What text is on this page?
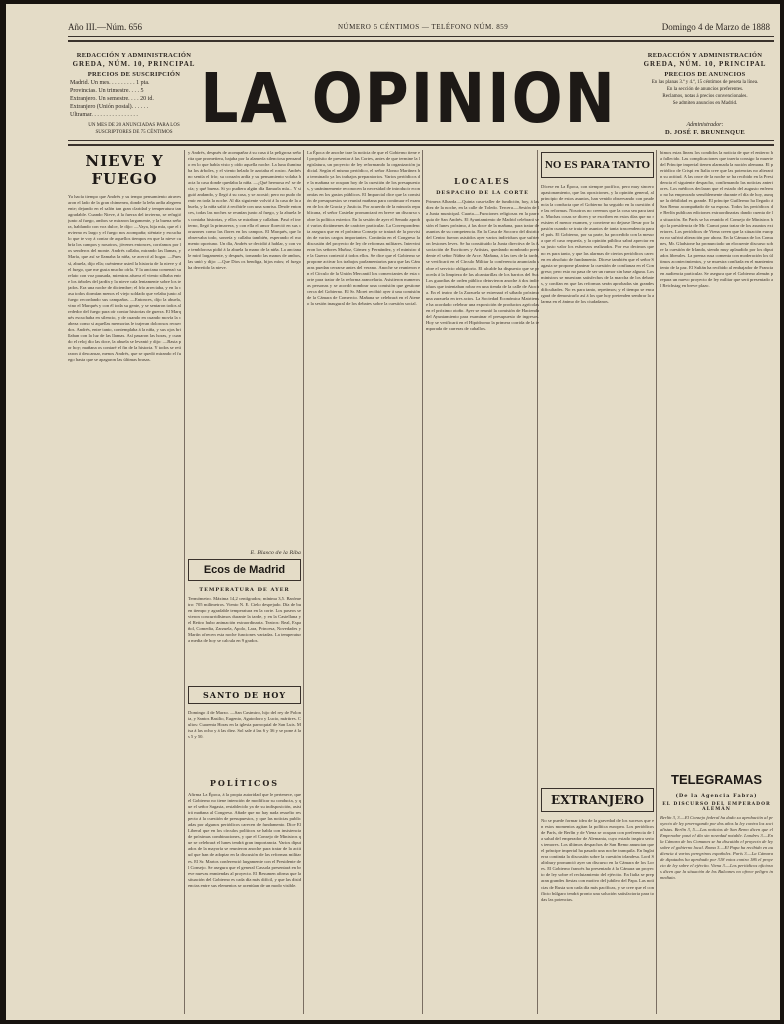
Año III.—Núm. 656	NÚMERO 5 CÉNTIMOS — TELÉFONO NÚM. 859	Domingo 4 de Marzo de 1888
REDACCIÓN Y ADMINISTRACIÓN
GREDA, NÚM. 10, PRINCIPAL
PRECIOS DE SUSCRIPCIÓN
Madrid. Un mes. . . . . . . . . 1 pta.
Provincias. Un trimestre. . . . 5
Extranjero. Un semestre. . . . 20 id.
Extranjero (Unión postal). . . . . .
Ultramar. . . . . . . . . . . . . . . .
UN MES DE 20 ANUNCIADAS PARA LOS SUSCRIPTORES DE 75 CÉNTIMOS LA OPINION
REDACCIÓN Y ADMINISTRACIÓN
GREDA, NÚM. 10, PRINCIPAL
PRECIOS DE ANUNCIOS
En las planas 3.ª y 4.ª, 15 céntimos de peseta la línea.
En la sección de anuncios preferentes.
Reclamos, notas á precios convencionales.
Se admiten anuncios en Madrid.
Administrador:
D. JOSÉ F. BRUNENQUE
NIEVE Y FUEGO
Ya hacía tiempo que Andrés y su tempo pensamiento atravesaron el lado de la gran chimenea, donde la leña ardía alegremente; dejando en el salón tan gran claridad y temperatura tan agradable. Cuando Nieve, á la fuerza del invierno, se refugió junto al fuego, ambos se miraron largamente, y la buena señora, hablando con voz dulce, le dijo: —Vaya, hija mía, que el invierno es largo y el fuego nos acompaña; siéntate y escucha lo que te voy á contar de aquellos tiempos en que la nieve cubría los campos y nosotros, jóvenes entonces, corríamos por los senderos del monte. Andrés callaba, mirando las llamas, y María, que así se llamaba la niña, se acercó al hogar. —Pues sí, abuela, dijo ella; cuénteme usted la historia de la nieve y del fuego, que me gusta mucho oírla. Y la anciana comenzó su relato con voz pausada, mientras afuera el viento silbaba entre los árboles del jardín y la nieve caía lentamente sobre los tejados. Era una noche de diciembre; el frío arreciaba, y en la casa todos dormían menos el viejo soldado que velaba junto al fuego recordando sus campañas. —Entonces, dijo la abuela, vino el Marqués y con él toda su gente, y se sentaron todos alrededor del fuego para oír contar historias de guerra. El Marqués escuchaba en silencio, y de cuando en cuando movía la cabeza como si aquellas memorias le trajeran dolorosos recuerdos. Andrés, entre tanto, contemplaba á la niña, y sus ojos brillaban con la luz de las llamas. Así pasaron las horas, y cuando el reloj dio las doce, la abuela se levantó y dijo: —Basta por hoy; mañana os contaré el fin de la historia. Y todos se retiraron á descansar, menos Andrés, que se quedó mirando el fuego hasta que se apagaron las últimas brasas.
y Andrés, después de acompañar á su casa á la peligrosa señorita que prometiera, bajaba por la alameda silenciosa pensando en lo que había visto y oído aquella noche. La luna iluminaba los árboles, y el viento helado le azotaba el rostro. Andrés no sentía el frío; su corazón ardía y su pensamiento volaba hacia la casa donde quedaba la niña. —¡Qué hermosa es! se decía; y qué buena. Si yo pudiera algún día llamarla mía... Y siguió andando, y llegó á su casa, y se acostó; pero no pudo dormir en toda la noche. Al día siguiente volvió á la casa de la abuela, y la niña salió á recibirle con una sonrisa. Desde entonces, todas las noches se reunían junto al fuego, y la abuela les contaba historias, y ellos se miraban y callaban. Pasó el invierno, llegó la primavera, y con ella el amor floreció en sus corazones como las flores en los campos. El Marqués, que lo observaba todo, sonreía y callaba también, esperando el momento oportuno. Un día, Andrés se decidió á hablar, y con voz temblorosa pidió á la abuela la mano de la niña. La anciana le miró largamente, y después, tomando las manos de ambos, las unió y dijo: —Que Dios os bendiga, hijos míos; el fuego ha derretido la nieve.
E. Blasco de la Riba
Ecos de Madrid
TEMPERATURA DE AYER
Termómetro. Máxima 14,2 centígrados; mínima 3,5. Barómetro: 705 milímetros. Viento N. E. Cielo despejado. Día de buen tiempo y agradable temperatura en la corte. Los paseos se vieron concurridísimos durante la tarde, y en la Castellana y el Retiro hubo animación extraordinaria. Teatros: Real, Español, Comedia, Zarzuela, Apolo, Lara, Princesa, Novedades y Martín ofrecen esta noche funciones variadas. La temperatura media de hoy se calcula en 9 grados.
SANTO DE HOY
Domingo 4 de Marzo. —San Casimiro, hijo del rey de Polonia, y Santos Basilio, Eugenio, Agatodoro y Lucio, mártires. Cultos: Cuarenta Horas en la iglesia parroquial de San Luis. Misa á las ocho y á las diez. Sol sale á las 6 y 36 y se pone á las 5 y 50.
POLÍTICOS
Afirma La Época, á la propia autoridad que le pertenece, que el Gobierno no tiene intención de modificar su conducta, y que el señor Sagasta, restablecido ya de su indisposición, asistirá mañana al Congreso. Añade que no hay nada resuelto respecto á la cuestión de presupuestos, y que las noticias publicadas por algunos periódicos carecen de fundamento. Dice El Liberal que en los círculos políticos se habla con insistencia de próximas combinaciones, y que el Consejo de Ministros que se celebrará el lunes tendrá gran importancia. Varios diputados de la mayoría se reunieron anoche para tratar de la actitud que han de adoptar en la discusión de las reformas militares. El Sr. Martos conferenció largamente con el Presidente del Consejo. Se asegura que el general Cassola presentará en breve nuevas enmiendas al proyecto. El Resumen afirma que la situación del Gobierno es cada día más difícil, y que las disidencias entre sus elementos se acentúan de un modo visible.
La Época de anoche trae la noticia de que el Gobierno tiene el propósito de presentar á las Cortes, antes de que termine la legislatura, un proyecto de ley reformando la organización judicial. Según el mismo periódico, el señor Alonso Martínez ha terminado ya los trabajos preparatorios. Varios periódicos de la mañana se ocupan hoy de la cuestión de los presupuestos, y unánimemente reconocen la necesidad de introducir economías en los gastos públicos. El Imparcial dice que la comisión de presupuestos se reunirá mañana para continuar el examen de los de Gracia y Justicia. Por acuerdo de la minoría republicana, el señor Castelar pronunciará en breve un discurso sobre la política exterior. En la sesión de ayer el Senado aprobó varios dictámenes de carácter particular. La Correspondencia asegura que en el próximo Consejo se tratará de la provisión de varios cargos importantes. Continúa en el Congreso la discusión del proyecto de ley de reformas militares. Intervinieron los señores Muñoz, Gómez y Fernández, y el ministro de la Guerra contestó á todos ellos. Se dice que el Gobierno se propone activar los trabajos parlamentarios para que las Cámaras puedan cerrarse antes del verano. Anoche se reunieron en el Círculo de la Unión Mercantil los comerciantes de esta corte para tratar de la reforma arancelaria. Asistieron numerosas personas y se acordó nombrar una comisión que gestione cerca del Gobierno. El Sr. Moret recibió ayer á una comisión de la Cámara de Comercio. Mañana se celebrará en el Ateneo la sesión inaugural de los debates sobre la cuestión social.
LOCALES
DESPACHO DE LA CORTE
Primera Albarda.—Quinta casa-taller de fundición, hoy, á las diez de la noche, en la calle de Toledo. Tercera.—Sesión de la Junta municipal. Cuarta.—Funciones religiosas en la parroquia de San Andrés. El Ayuntamiento de Madrid celebrará sesión el lunes próximo, á las doce de la mañana, para tratar de asuntos de su competencia. En la Casa de Socorro del distrito del Centro fueron asistidos ayer varios individuos que sufrieron lesiones leves. Se ha constituido la Junta directiva de la Asociación de Escritores y Artistas, quedando nombrado presidente el señor Núñez de Arce. Mañana, á las tres de la tarde, se verificará en el Círculo Militar la conferencia anunciada sobre el servicio obligatorio. El alcalde ha dispuesto que se proceda á la limpieza de las alcantarillas de los barrios del Sur. Los guardias de orden público detuvieron anoche á dos individuos que intentaban robar en una tienda de la calle de Atocha. En el teatro de la Zarzuela se estrenará el sábado próximo una zarzuela en tres actos. La Sociedad Económica Matritense ha acordado celebrar una exposición de productos agrícolas en el próximo otoño. Ayer se reunió la comisión de Hacienda del Ayuntamiento para examinar el presupuesto de ingresos. Hoy se verificará en el Hipódromo la primera corrida de la temporada de carreras de caballos.
NO ES PARA TANTO
Dícese en La Época, con siempre pacífico, pero muy sincero apasionamiento, que las oposiciones, y la opinión general, al principio de estos asuntos, han venido observando con prudencia la conducta que el Gobierno ha seguido en la cuestión de las reformas. Nosotros no creemos que la cosa sea para tanto. Muchas cosas se dicen y se escriben en estos días que no resisten el menor examen, y conviene no dejarse llevar por la pasión cuando se trata de asuntos de tanta trascendencia para el país. El Gobierno, por su parte, ha procedido con la mesura que el caso requería, y la opinión pública sabrá apreciar en su justo valor los esfuerzos realizados. Por eso decimos que no es para tanto, y que las alarmas de ciertos periódicos carecen en absoluto de fundamento. Dícese también que el señor Sagasta se propone plantear la cuestión de confianza en el Congreso; pero esto no pasa de ser un rumor sin base alguna. Los ministros se muestran satisfechos de la marcha de los debates, y confían en que las reformas serán aprobadas sin grandes dificultades. No es para tanto, repetimos; y el tiempo se encargará de demostrarlo así á los que hoy pretenden sembrar la alarma en el ánimo de los ciudadanos.
EXTRANJERO
No se puede formar idea de la gravedad de los sucesos que en estos momentos agitan la política europea. Los periódicos de París, de Berlín y de Viena se ocupan con preferencia de la salud del emperador de Alemania, cuyo estado inspira serios temores. Los últimos despachos de San Remo anuncian que el príncipe imperial ha pasado una noche tranquila. En Inglaterra continúa la discusión sobre la cuestión irlandesa. Lord Salisbury pronunció ayer un discurso en la Cámara de los Lores. El Gobierno francés ha presentado á la Cámara un proyecto de ley sobre el reclutamiento del ejército. En Italia se preparan grandes fiestas con motivo del jubileo del Papa. Las noticias de Rusia son cada día más pacíficas, y se cree que el conflicto búlgaro tendrá pronto una solución satisfactoria para todas las potencias.
bimos estas líneas los condidos la noticia de que el entierro ha fallecido. Las complicaciones que traería consigo la muerte del Príncipe imperial tienen alarmada la nación alemana. El periódico de Crispi en Italia cree que las potencias no alterarán su actitud. A las once de la noche se ha recibido en la Presidencia el siguiente despacho, confirmando las noticias anteriores. Los médicos declaran que el estado del augusto enfermo no ha empeorado sensiblemente durante el día de hoy, aunque la debilidad es grande. El príncipe Guillermo ha llegado á San Remo acompañado de su esposa. Todos los periódicos de Berlín publican ediciones extraordinarias dando cuenta de la situación. En París se ha reunido el Consejo de Ministros bajo la presidencia de Mr. Carnot para tratar de los asuntos exteriores. Los periódicos de Viena creen que la situación europea no sufrirá alteración por ahora. En la Cámara de los Comunes, Mr. Gladstone ha pronunciado un elocuente discurso sobre la cuestión de Irlanda, siendo muy aplaudido por los diputados liberales. La prensa rusa comenta con moderación los últimos acontecimientos, y se muestra confiada en el mantenimiento de la paz. El Sultán ha recibido al embajador de Francia en audiencia particular. Se asegura que el Gobierno alemán prepara un nuevo proyecto de ley militar que será presentado al Reichstag en breve plazo.
TELEGRAMAS
(De la Agencia Fabra)
EL DISCURSO DEL EMPERADOR ALEMÁN
Berlín 3, 3.—El Consejo federal ha dado su aprobación al proyecto de ley prorrogando por dos años la ley contra los socialistas. Berlín 3, 5.—Las noticias de San Remo dicen que el Emperador pasó el día sin novedad notable. Londres 3.—En la Cámara de los Comunes se ha discutido el proyecto de ley sobre el gobierno local. Roma 3.—El Papa ha recibido en audiencia á varios peregrinos españoles. París 3.—La Cámara de diputados ha aprobado por 318 votos contra 186 el proyecto de ley sobre el ejército. Viena 3.—Los periódicos oficiosos dicen que la situación de los Balcanes no ofrece peligro inmediato.
